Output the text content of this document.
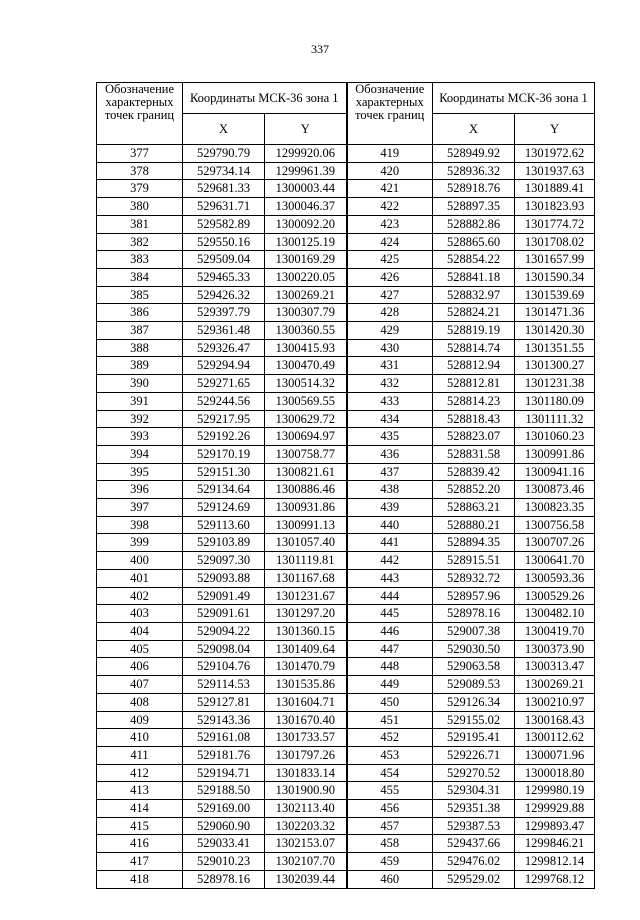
337
Обозначение характерных точек границ	Координаты МСК-36 зона 1		Обозначение характерных точек границ	Координаты МСК-36 зона 1	
	X	Y		X	Y
377	529790.79	1299920.06	419	528949.92	1301972.62
378	529734.14	1299961.39	420	528936.32	1301937.63
379	529681.33	1300003.44	421	528918.76	1301889.41
380	529631.71	1300046.37	422	528897.35	1301823.93
381	529582.89	1300092.20	423	528882.86	1301774.72
382	529550.16	1300125.19	424	528865.60	1301708.02
383	529509.04	1300169.29	425	528854.22	1301657.99
384	529465.33	1300220.05	426	528841.18	1301590.34
385	529426.32	1300269.21	427	528832.97	1301539.69
386	529397.79	1300307.79	428	528824.21	1301471.36
387	529361.48	1300360.55	429	528819.19	1301420.30
388	529326.47	1300415.93	430	528814.74	1301351.55
389	529294.94	1300470.49	431	528812.94	1301300.27
390	529271.65	1300514.32	432	528812.81	1301231.38
391	529244.56	1300569.55	433	528814.23	1301180.09
392	529217.95	1300629.72	434	528818.43	1301111.32
393	529192.26	1300694.97	435	528823.07	1301060.23
394	529170.19	1300758.77	436	528831.58	1300991.86
395	529151.30	1300821.61	437	528839.42	1300941.16
396	529134.64	1300886.46	438	528852.20	1300873.46
397	529124.69	1300931.86	439	528863.21	1300823.35
398	529113.60	1300991.13	440	528880.21	1300756.58
399	529103.89	1301057.40	441	528894.35	1300707.26
400	529097.30	1301119.81	442	528915.51	1300641.70
401	529093.88	1301167.68	443	528932.72	1300593.36
402	529091.49	1301231.67	444	528957.96	1300529.26
403	529091.61	1301297.20	445	528978.16	1300482.10
404	529094.22	1301360.15	446	529007.38	1300419.70
405	529098.04	1301409.64	447	529030.50	1300373.90
406	529104.76	1301470.79	448	529063.58	1300313.47
407	529114.53	1301535.86	449	529089.53	1300269.21
408	529127.81	1301604.71	450	529126.34	1300210.97
409	529143.36	1301670.40	451	529155.02	1300168.43
410	529161.08	1301733.57	452	529195.41	1300112.62
411	529181.76	1301797.26	453	529226.71	1300071.96
412	529194.71	1301833.14	454	529270.52	1300018.80
413	529188.50	1301900.90	455	529304.31	1299980.19
414	529169.00	1302113.40	456	529351.38	1299929.88
415	529060.90	1302203.32	457	529387.53	1299893.47
416	529033.41	1302153.07	458	529437.66	1299846.21
417	529010.23	1302107.70	459	529476.02	1299812.14
418	528978.16	1302039.44	460	529529.02	1299768.12
